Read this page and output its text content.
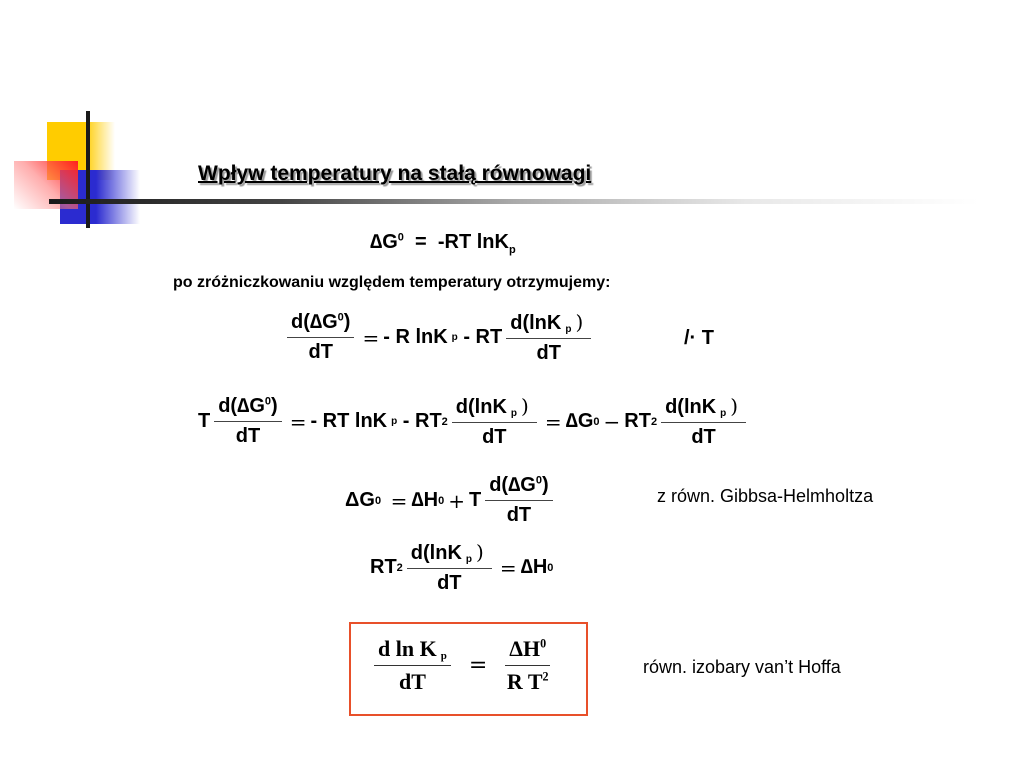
Wpływ temperatury na stałą równowagi
$\Delta G^0 = -RT$ lnK$_p$
po zróżniczkowaniu względem temperatury otrzymujemy:
$\frac{d(\Delta G^0)}{dT}$ = - R lnK p
- RT $\frac{\text{d(lnK p )}}{dT}$	/· T
T $\frac{d(\Delta G^0)}{dT}$ = - RT lnK p
- RT $2 \frac{\text{d(lnK p )}}{dT} = \Delta G$ 0 − RT $2 \frac{\text{d(lnK p )}}{dT}$
ΔG 0
= ∆H 0 + T $\frac{d(\Delta G^0)}{dT}$	z równ. Gibbsa-Helmholtza
RT $2 \frac{\text{d(lnK p )}}{dT} = \Delta H$ 0
$\frac{\text{d ln K p}}{dT} = \frac{\Delta H^0}{R T^2}$	równ. izobary van’t Hoffa
